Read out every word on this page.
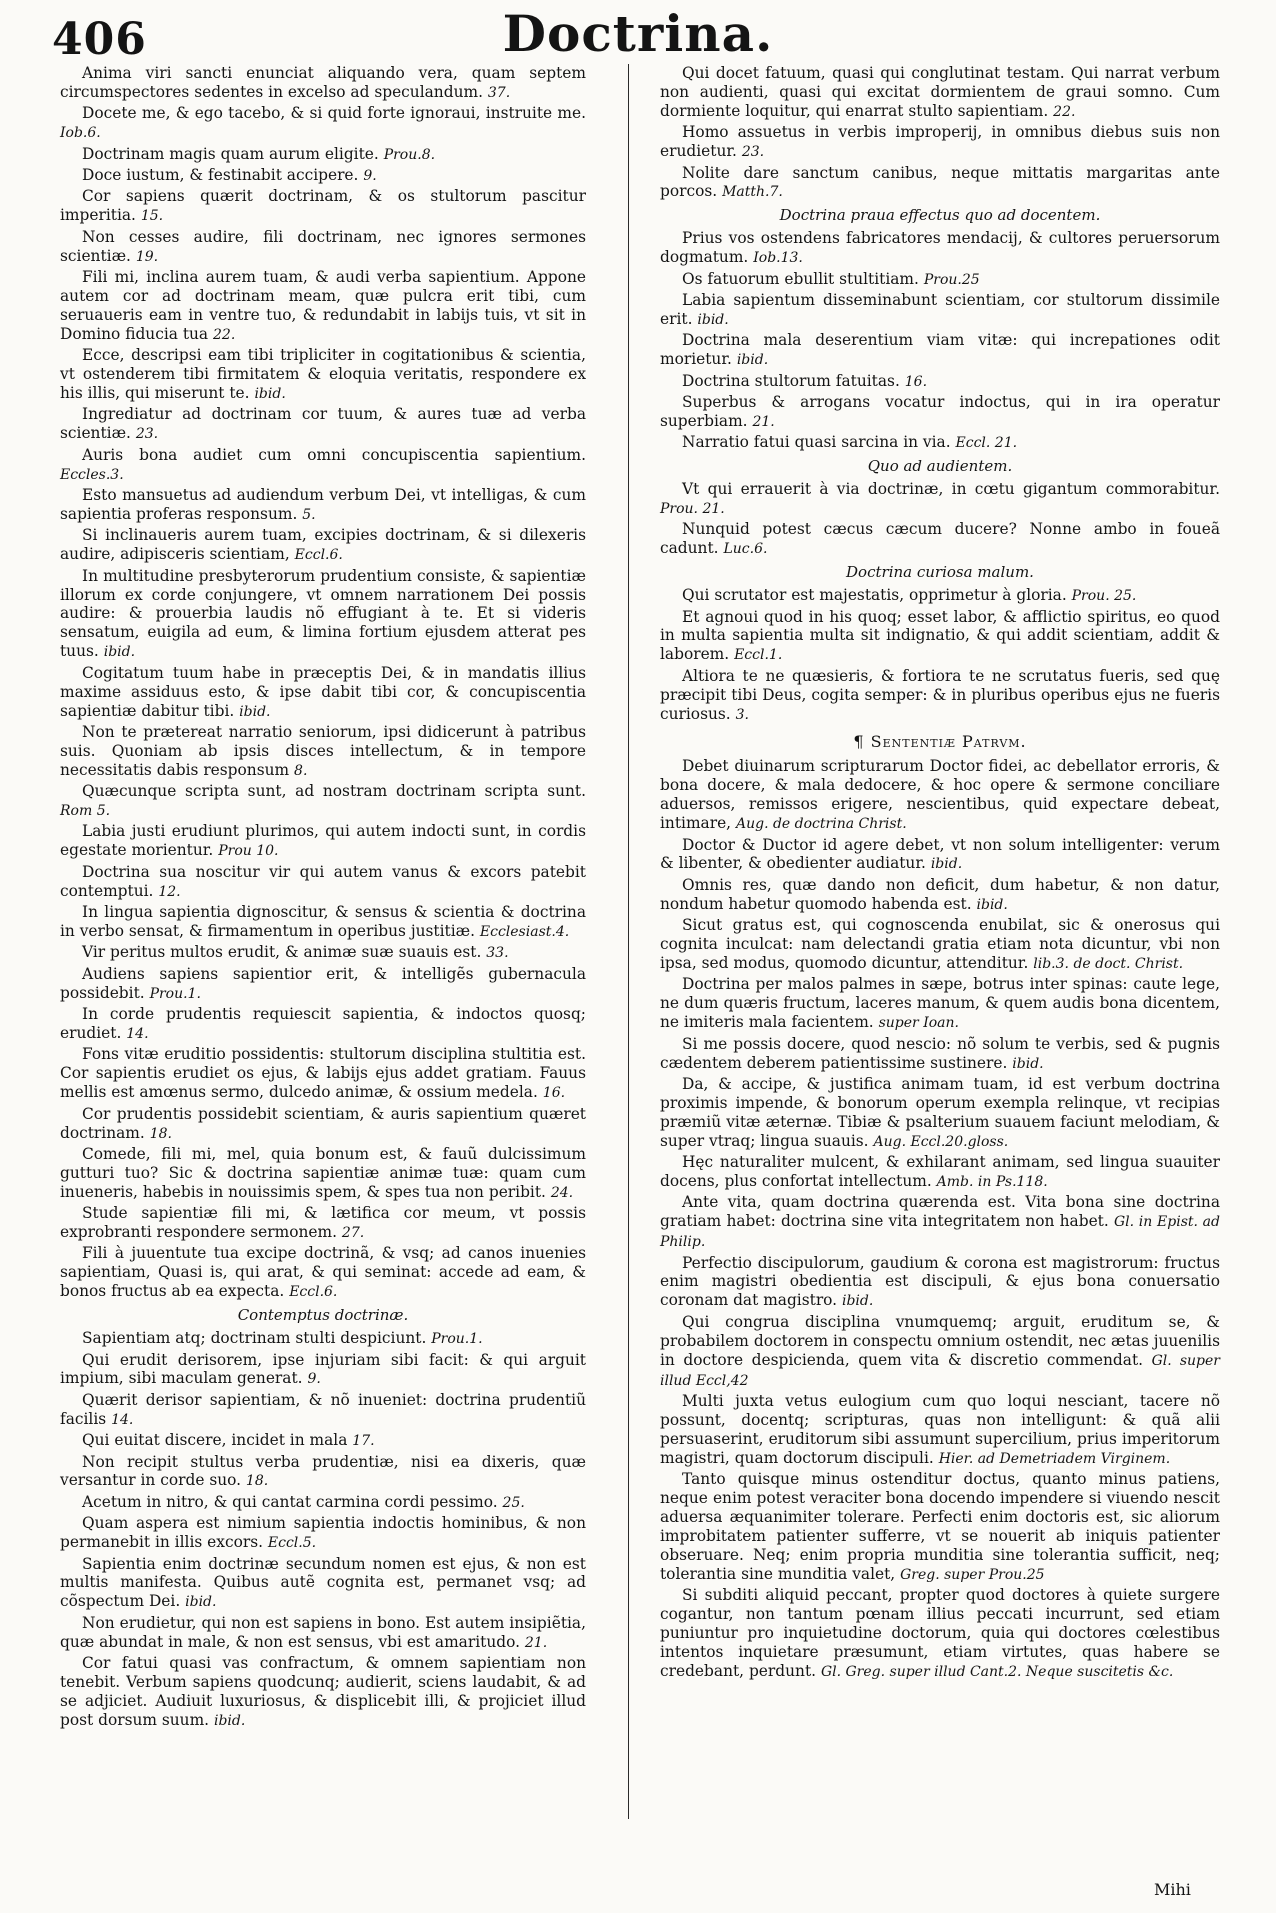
406	Doctrina.
Anima viri sancti enunciat aliquando vera, quam septem circumspectores sedentes in excelso ad speculandum. 37.
Docete me, & ego tacebo, & si quid forte ignoraui, instruite me. Iob.6.
Doctrinam magis quam aurum eligite. Prou.8.
Doce iustum, & festinabit accipere. 9.
Cor sapiens quærit doctrinam, & os stultorum pascitur imperitia. 15.
Non cesses audire, fili doctrinam, nec ignores sermones scientiæ. 19.
Fili mi, inclina aurem tuam, & audi verba sapientium. Appone autem cor ad doctrinam meam, quæ pulcra erit tibi, cum seruaueris eam in ventre tuo, & redundabit in labijs tuis, vt sit in Domino fiducia tua 22.
Ecce, descripsi eam tibi tripliciter in cogitationibus & scientia, vt ostenderem tibi firmitatem & eloquia veritatis, respondere ex his illis, qui miserunt te. ibid.
Ingrediatur ad doctrinam cor tuum, & aures tuæ ad verba scientiæ. 23.
Auris bona audiet cum omni concupiscentia sapientium. Eccles.3.
Esto mansuetus ad audiendum verbum Dei, vt intelligas, & cum sapientia proferas responsum. 5.
Si inclinaueris aurem tuam, excipies doctrinam, & si dilexeris audire, adipisceris scientiam, Eccl.6.
In multitudine presbyterorum prudentium consiste, & sapientiæ illorum ex corde conjungere, vt omnem narrationem Dei possis audire: & prouerbia laudis nõ effugiant à te. Et si videris sensatum, euigila ad eum, & limina fortium ejusdem atterat pes tuus. ibid.
Cogitatum tuum habe in præceptis Dei, & in mandatis illius maxime assiduus esto, & ipse dabit tibi cor, & concupiscentia sapientiæ dabitur tibi. ibid.
Non te prætereat narratio seniorum, ipsi didicerunt à patribus suis. Quoniam ab ipsis disces intellectum, & in tempore necessitatis dabis responsum 8.
Quæcunque scripta sunt, ad nostram doctrinam scripta sunt. Rom 5.
Labia justi erudiunt plurimos, qui autem indocti sunt, in cordis egestate morientur. Prou 10.
Doctrina sua noscitur vir qui autem vanus & excors patebit contemptui. 12.
In lingua sapientia dignoscitur, & sensus & scientia & doctrina in verbo sensat, & firmamentum in operibus justitiæ. Ecclesiast.4.
Vir peritus multos erudit, & animæ suæ suauis est. 33.
Audiens sapiens sapientior erit, & intelligẽs gubernacula possidebit. Prou.1.
In corde prudentis requiescit sapientia, & indoctos quosq; erudiet. 14.
Fons vitæ eruditio possidentis: stultorum disciplina stultitia est. Cor sapientis erudiet os ejus, & labijs ejus addet gratiam. Fauus mellis est amœnus sermo, dulcedo animæ, & ossium medela. 16.
Cor prudentis possidebit scientiam, & auris sapientium quæret doctrinam. 18.
Comede, fili mi, mel, quia bonum est, & fauũ dulcissimum gutturi tuo? Sic & doctrina sapientiæ animæ tuæ: quam cum inueneris, habebis in nouissimis spem, & spes tua non peribit. 24.
Stude sapientiæ fili mi, & lætifica cor meum, vt possis exprobranti respondere sermonem. 27.
Fili à juuentute tua excipe doctrinã, & vsq; ad canos inuenies sapientiam, Quasi is, qui arat, & qui seminat: accede ad eam, & bonos fructus ab ea expecta. Eccl.6.
Contemptus doctrinæ.
Sapientiam atq; doctrinam stulti despiciunt. Prou.1.
Qui erudit derisorem, ipse injuriam sibi facit: & qui arguit impium, sibi maculam generat. 9.
Quærit derisor sapientiam, & nõ inueniet: doctrina prudentiũ facilis 14.
Qui euitat discere, incidet in mala 17.
Non recipit stultus verba prudentiæ, nisi ea dixeris, quæ versantur in corde suo. 18.
Acetum in nitro, & qui cantat carmina cordi pessimo. 25.
Quam aspera est nimium sapientia indoctis hominibus, & non permanebit in illis excors. Eccl.5.
Sapientia enim doctrinæ secundum nomen est ejus, & non est multis manifesta. Quibus autẽ cognita est, permanet vsq; ad cõspectum Dei. ibid.
Non erudietur, qui non est sapiens in bono. Est autem insipiẽtia, quæ abundat in male, & non est sensus, vbi est amaritudo. 21.
Cor fatui quasi vas confractum, & omnem sapientiam non tenebit. Verbum sapiens quodcunq; audierit, sciens laudabit, & ad se adjiciet. Audiuit luxuriosus, & displicebit illi, & projiciet illud post dorsum suum. ibid.
Qui docet fatuum, quasi qui conglutinat testam. Qui narrat verbum non audienti, quasi qui excitat dormientem de graui somno. Cum dormiente loquitur, qui enarrat stulto sapientiam. 22.
Homo assuetus in verbis improperij, in omnibus diebus suis non erudietur. 23.
Nolite dare sanctum canibus, neque mittatis margaritas ante porcos. Matth.7.
Doctrina praua effectus quo ad docentem.
Prius vos ostendens fabricatores mendacij, & cultores peruersorum dogmatum. Iob.13.
Os fatuorum ebullit stultitiam. Prou.25
Labia sapientum disseminabunt scientiam, cor stultorum dissimile erit. ibid.
Doctrina mala deserentium viam vitæ: qui increpationes odit morietur. ibid.
Doctrina stultorum fatuitas. 16.
Superbus & arrogans vocatur indoctus, qui in ira operatur superbiam. 21.
Narratio fatui quasi sarcina in via. Eccl. 21.
Quo ad audientem.
Vt qui errauerit à via doctrinæ, in cœtu gigantum commorabitur. Prou. 21.
Nunquid potest cæcus cæcum ducere? Nonne ambo in foueã cadunt. Luc.6.
Doctrina curiosa malum.
Qui scrutator est majestatis, opprimetur à gloria. Prou. 25.
Et agnoui quod in his quoq; esset labor, & afflictio spiritus, eo quod in multa sapientia multa sit indignatio, & qui addit scientiam, addit & laborem. Eccl.1.
Altiora te ne quæsieris, & fortiora te ne scrutatus fueris, sed quę præcipit tibi Deus, cogita semper: & in pluribus operibus ejus ne fueris curiosus. 3.
¶ Sententiæ Patrvm.
Debet diuinarum scripturarum Doctor fidei, ac debellator erroris, & bona docere, & mala dedocere, & hoc opere & sermone conciliare aduersos, remissos erigere, nescientibus, quid expectare debeat, intimare, Aug. de doctrina Christ.
Doctor & Ductor id agere debet, vt non solum intelligenter: verum & libenter, & obedienter audiatur. ibid.
Omnis res, quæ dando non deficit, dum habetur, & non datur, nondum habetur quomodo habenda est. ibid.
Sicut gratus est, qui cognoscenda enubilat, sic & onerosus qui cognita inculcat: nam delectandi gratia etiam nota dicuntur, vbi non ipsa, sed modus, quomodo dicuntur, attenditur. lib.3. de doct. Christ.
Doctrina per malos palmes in sæpe, botrus inter spinas: caute lege, ne dum quæris fructum, laceres manum, & quem audis bona dicentem, ne imiteris mala facientem. super Ioan.
Si me possis docere, quod nescio: nõ solum te verbis, sed & pugnis cædentem deberem patientissime sustinere. ibid.
Da, & accipe, & justifica animam tuam, id est verbum doctrina proximis impende, & bonorum operum exempla relinque, vt recipias præmiũ vitæ æternæ. Tibiæ & psalterium suauem faciunt melodiam, & super vtraq; lingua suauis. Aug. Eccl.20.gloss.
Hęc naturaliter mulcent, & exhilarant animam, sed lingua suauiter docens, plus confortat intellectum. Amb. in Ps.118.
Ante vita, quam doctrina quærenda est. Vita bona sine doctrina gratiam habet: doctrina sine vita integritatem non habet. Gl. in Epist. ad Philip.
Perfectio discipulorum, gaudium & corona est magistrorum: fructus enim magistri obedientia est discipuli, & ejus bona conuersatio coronam dat magistro. ibid.
Qui congrua disciplina vnumquemq; arguit, eruditum se, & probabilem doctorem in conspectu omnium ostendit, nec ætas juuenilis in doctore despicienda, quem vita & discretio commendat. Gl. super illud Eccl,42
Multi juxta vetus eulogium cum quo loqui nesciant, tacere nõ possunt, docentq; scripturas, quas non intelligunt: & quã alii persuaserint, eruditorum sibi assumunt supercilium, prius imperitorum magistri, quam doctorum discipuli. Hier. ad Demetriadem Virginem.
Tanto quisque minus ostenditur doctus, quanto minus patiens, neque enim potest veraciter bona docendo impendere si viuendo nescit aduersa æquanimiter tolerare. Perfecti enim doctoris est, sic aliorum improbitatem patienter sufferre, vt se nouerit ab iniquis patienter obseruare. Neq; enim propria munditia sine tolerantia sufficit, neq; tolerantia sine munditia valet, Greg. super Prou.25
Si subditi aliquid peccant, propter quod doctores à quiete surgere cogantur, non tantum pœnam illius peccati incurrunt, sed etiam puniuntur pro inquietudine doctorum, quia qui doctores cœlestibus intentos inquietare præsumunt, etiam virtutes, quas habere se credebant, perdunt. Gl. Greg. super illud Cant.2. Neque suscitetis &c.
Mihi
